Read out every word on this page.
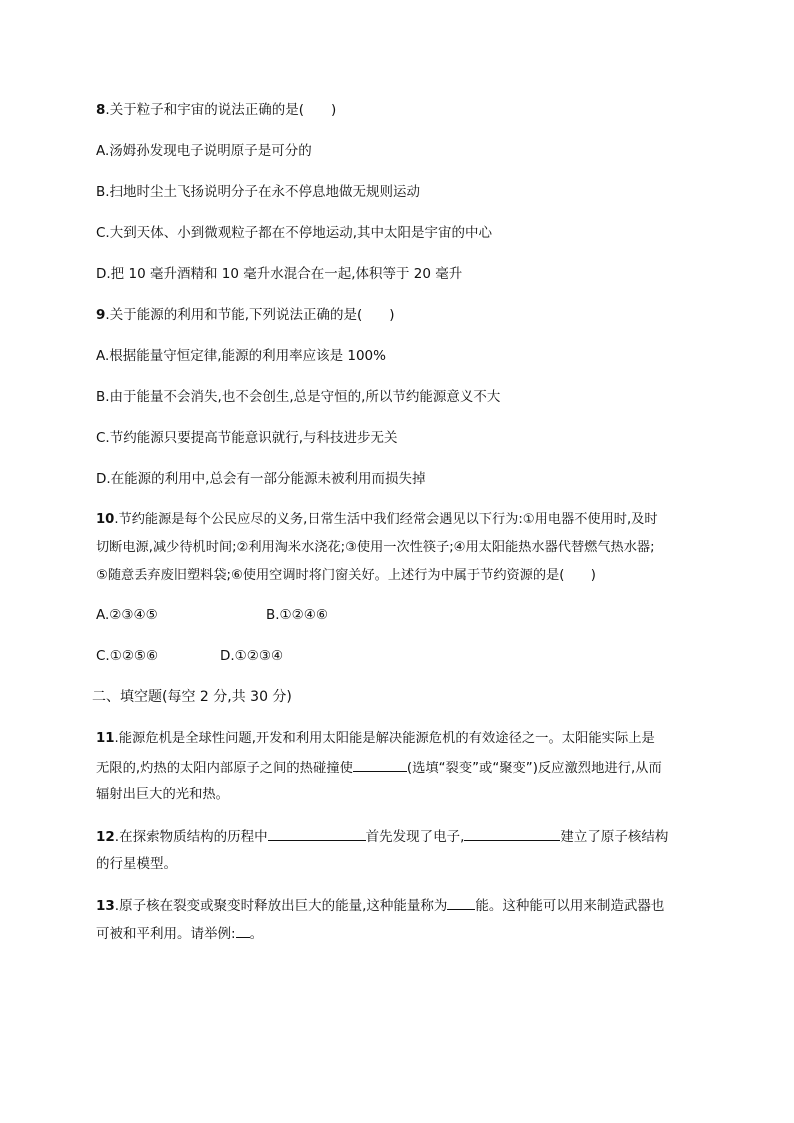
8.关于粒子和宇宙的说法正确的是(　　)
A.汤姆孙发现电子说明原子是可分的
B.扫地时尘土飞扬说明分子在永不停息地做无规则运动
C.大到天体、小到微观粒子都在不停地运动,其中太阳是宇宙的中心
D.把 10 毫升酒精和 10 毫升水混合在一起,体积等于 20 毫升
9.关于能源的利用和节能,下列说法正确的是(　　)
A.根据能量守恒定律,能源的利用率应该是 100%
B.由于能量不会消失,也不会创生,总是守恒的,所以节约能源意义不大
C.节约能源只要提高节能意识就行,与科技进步无关
D.在能源的利用中,总会有一部分能源未被利用而损失掉
10.节约能源是每个公民应尽的义务,日常生活中我们经常会遇见以下行为:①用电器不使用时,及时
切断电源,减少待机时间;②利用淘米水浇花;③使用一次性筷子;④用太阳能热水器代替燃气热水器;
⑤随意丢弃废旧塑料袋;⑥使用空调时将门窗关好。上述行为中属于节约资源的是(　　)
A.②③④⑤	B.①②④⑥
C.①②⑤⑥	D.①②③④
二、填空题(每空 2 分,共 30 分)
11.能源危机是全球性问题,开发和利用太阳能是解决能源危机的有效途径之一。太阳能实际上是
无限的,灼热的太阳内部原子之间的热碰撞使	(选填“裂变”或“聚变”)反应激烈地进行,从而
辐射出巨大的光和热。
12.在探索物质结构的历程中	首先发现了电子,	建立了原子核结构
的行星模型。
13.原子核在裂变或聚变时释放出巨大的能量,这种能量称为 能。这种能可以用来制造武器也
可被和平利用。请举例: 。
